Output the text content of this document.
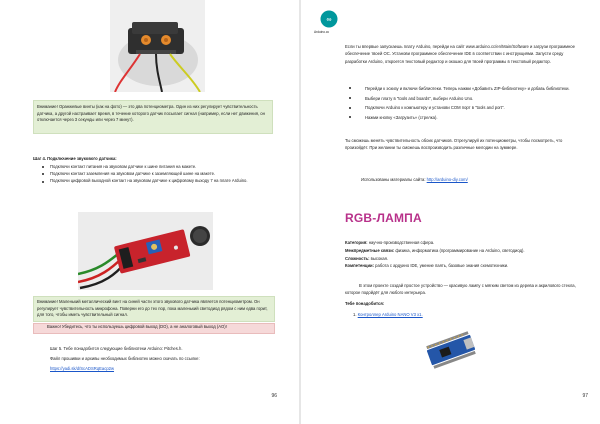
Внимание! Оранжевые винты (как на фото) — это два потенциометра. Один из них регулирует чувствительность датчика, а другой настраивает время, в течение которого датчик посылает сигнал (например, если нет движения, он отключается через 3 секунды или через 7 минут).
Шаг 4. Подключение звукового датчика:
Подключи контакт питания на звуковом датчике к шине питания на макете.
Подключи контакт заземления на звуковом датчике к заземляющей шине на макете.
Подключи цифровой выходной контакт на звуковом датчике к цифровому выходу 7 на плате Arduino.
Внимание! Маленький металлический винт на синей части этого звукового датчика является потенциометром. Он регулирует чувствительность микрофона. Поверни его до тех пор, пока маленький светодиод рядом с ним едва горит, для того, чтобы иметь чувствительный сигнал.
Важно! Убедитесь, что ты используешь цифровой выход (DO), а не аналоговый выход (AO)!
Шаг 5. Тебе понадобится следующие библиотеки Arduino: Pitches.h.
Файл прошивки и архивы необходимых библиотек можно скачать по ссылке:
https://yadi.sk/d/ScADSRqEacp2w
96
∞
Arduino.cc
Если ты впервые запускаешь плату Arduino, перейди на сайт www.arduino.cc/en/Main/Software и загрузи программное обеспечение твоей ОС. Установи программное обеспечение IDE в соответствии с инструкциями. Запусти среду разработки Arduino, откроется текстовый редактор и окошко для твоей программы в текстовый редактор.
Перейди к эскизу и включи библиотеки. Теперь нажми «Добавить ZIP-библиотеку» и добавь библиотеки.
Выбери плату в "tools and boards", выбери Arduino Uno.
Подключи Arduino к компьютеру и установи COM порт в "tools and port".
Нажми кнопку «Загрузить» (стрелка).
Ты сможешь менять чувствительность обоих датчиков. Отрегулируй их потенциометры, чтобы посмотреть, что произойдёт. При желании ты сможешь воспроизводить различные мелодии на зуммере.
Использованы материалы сайта: http://arduino-diy.com/
RGB-ЛАМПА
Категория: научно-производственная сфера.
Межпредметные связи: физика, информатика (программирование на Arduino, светодиод).
Сложность: высокая.
Компетенции: работа с ардуино IDE, умение паять, базовые знания схемотехники.
В этом проекте создай простое устройство — красивую лампу с мягким светом из дерева и акрилового стекла, которое подойдёт для любого интерьера.
Тебе понадобится:
1. Контроллер Arduino NANO V3 х1.
97
